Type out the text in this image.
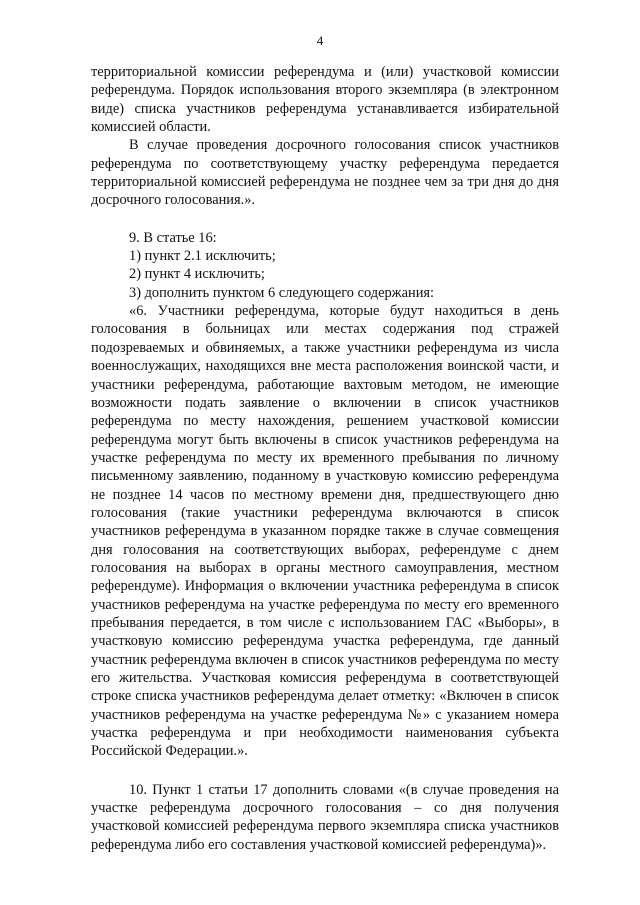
4

территориальной комиссии референдума и (или) участковой комиссии референдума. Порядок использования второго экземпляра (в электронном виде) списка участников референдума устанавливается избирательной комиссией области.

В случае проведения досрочного голосования список участников референдума по соответствующему участку референдума передается территориальной комиссией референдума не позднее чем за три дня до дня досрочного голосования.».

9. В статье 16:

1) пункт 2.1 исключить;

2) пункт 4 исключить;

3) дополнить пунктом 6 следующего содержания:

«6. Участники референдума, которые будут находиться в день голосования в больницах или местах содержания под стражей подозреваемых и обвиняемых, а также участники референдума из числа военнослужащих, находящихся вне места расположения воинской части, и участники референдума, работающие вахтовым методом, не имеющие возможности подать заявление о включении в список участников референдума по месту нахождения, решением участковой комиссии референдума могут быть включены в список участников референдума на участке референдума по месту их временного пребывания по личному письменному заявлению, поданному в участковую комиссию референдума не позднее 14 часов по местному времени дня, предшествующего дню голосования (такие участники референдума включаются в список участников референдума в указанном порядке также в случае совмещения дня голосования на соответствующих выборах, референдуме с днем голосования на выборах в органы местного самоуправления, местном референдуме). Информация о включении участника референдума в список участников референдума на участке референдума по месту его временного пребывания передается, в том числе с использованием ГАС «Выборы», в участковую комиссию референдума участка референдума, где данный участник референдума включен в список участников референдума по месту его жительства. Участковая комиссия референдума в соответствующей строке списка участников референдума делает отметку: «Включен в список участников референдума на участке референдума №» с указанием номера участка референдума и при необходимости наименования субъекта Российской Федерации.».

10. Пункт 1 статьи 17 дополнить словами «(в случае проведения на участке референдума досрочного голосования – со дня получения участковой комиссией референдума первого экземпляра списка участников референдума либо его составления участковой комиссией референдума)».
